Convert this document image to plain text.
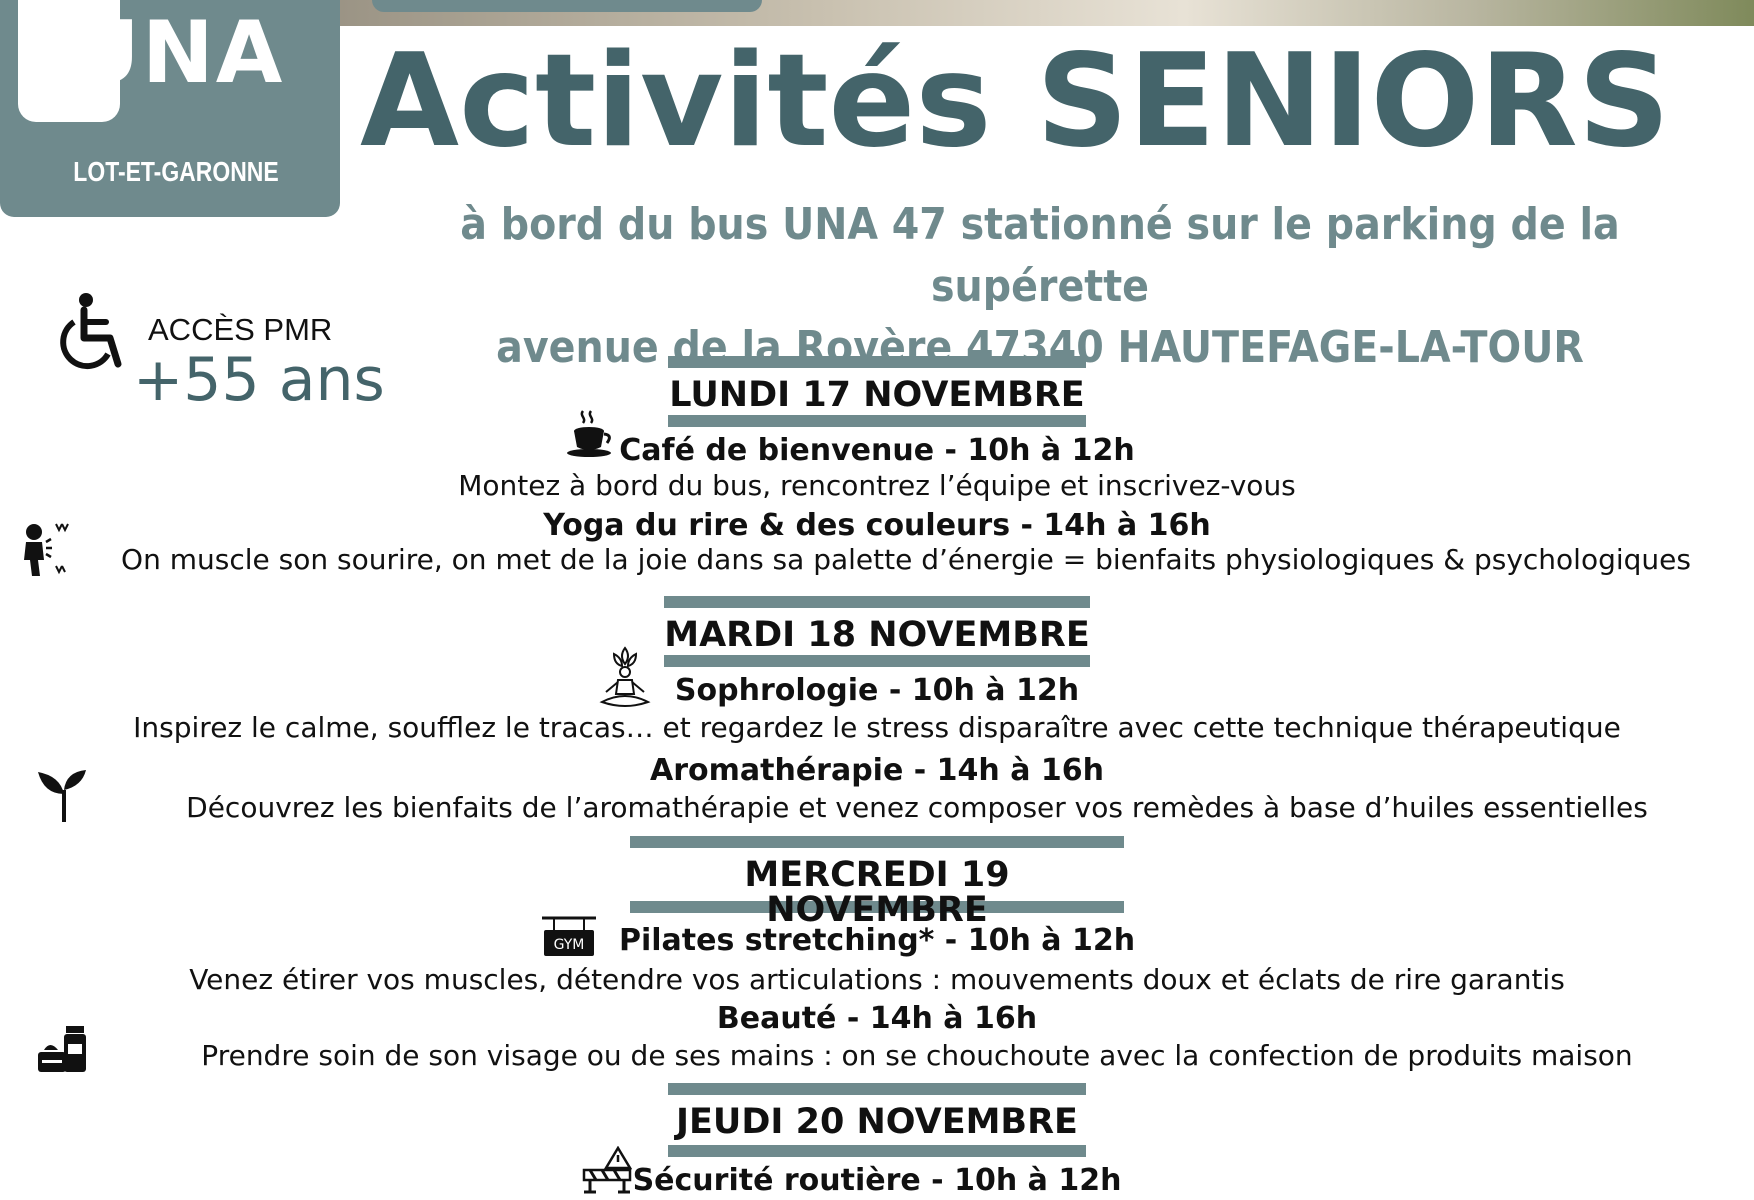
UNA
LOT-ET-GARONNE Activités SENIORS
à bord du bus UNA 47 stationné sur le parking de la supérette
avenue de la Rovère 47340 HAUTEFAGE-LA-TOUR
ACCÈS PMR
+55 ans	LUNDI 17 NOVEMBRE
Café de bienvenue - 10h à 12h
Montez à bord du bus, rencontrez l’équipe et inscrivez-vous
Yoga du rire & des couleurs - 14h à 16h
On muscle son sourire, on met de la joie dans sa palette d’énergie = bienfaits physiologiques & psychologiques
MARDI 18 NOVEMBRE
Sophrologie - 10h à 12h
Inspirez le calme, soufflez le tracas… et regardez le stress disparaître avec cette technique thérapeutique
Aromathérapie - 14h à 16h
Découvrez les bienfaits de l’aromathérapie et venez composer vos remèdes à base d’huiles essentielles
MERCREDI 19 NOVEMBRE
GYM	Pilates stretching* - 10h à 12h
Venez étirer vos muscles, détendre vos articulations : mouvements doux et éclats de rire garantis
Beauté - 14h à 16h
Prendre soin de son visage ou de ses mains : on se chouchoute avec la confection de produits maison
JEUDI 20 NOVEMBRE
Sécurité routière - 10h à 12h
